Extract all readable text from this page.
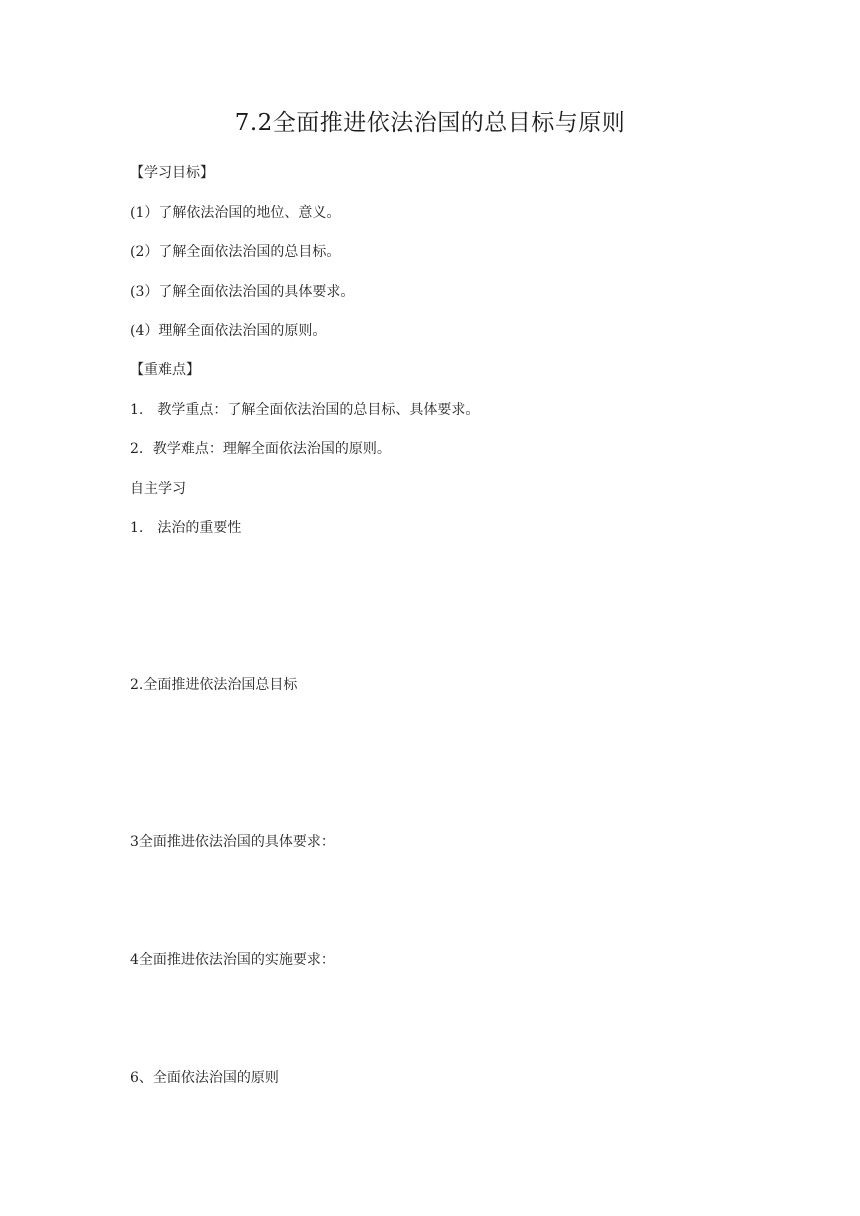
7.2全面推进依法治国的总目标与原则
【学习目标】
(1）了解依法治国的地位、意义。
(2）了解全面依法治国的总目标。
(3）了解全面依法治国的具体要求。
(4）理解全面依法治国的原则。
【重难点】
1.　教学重点：了解全面依法治国的总目标、具体要求。
2．教学难点：理解全面依法治国的原则。
自主学习
1.　法治的重要性
2.全面推进依法治国总目标
3全面推进依法治国的具体要求：
4全面推进依法治国的实施要求：
6、全面依法治国的原则
